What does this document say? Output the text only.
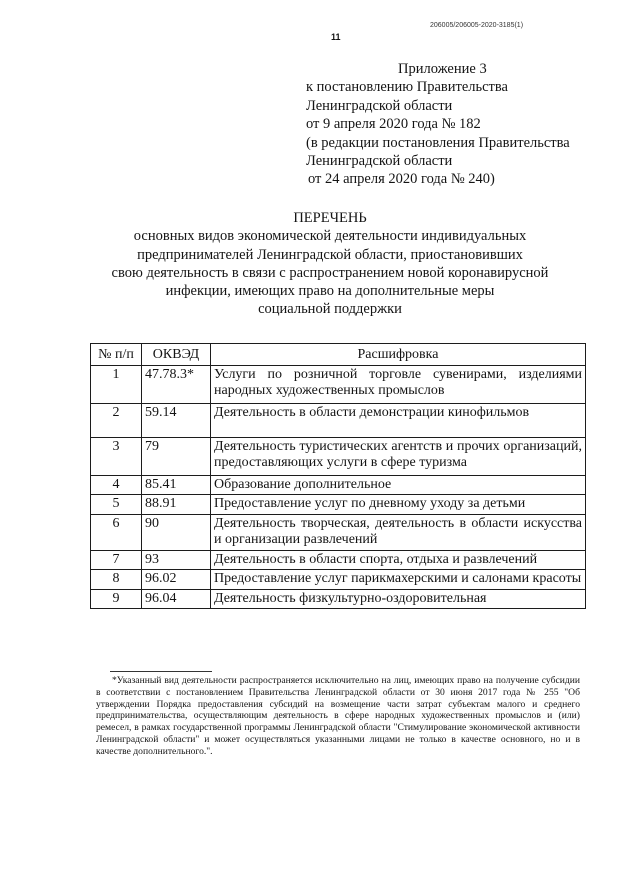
206005/206005-2020-3185(1)
11
Приложение 3
к постановлению Правительства
Ленинградской области
от 9 апреля 2020 года № 182
(в редакции постановления Правительства
Ленинградской области
от 24 апреля 2020 года № 240)
ПЕРЕЧЕНЬ
основных видов экономической деятельности индивидуальных
предпринимателей Ленинградской области, приостановивших
свою деятельность в связи с распространением новой коронавирусной
инфекции, имеющих право на дополнительные меры
социальной поддержки
№ п/п	ОКВЭД	Расшифровка
1	47.78.3*	Услуги по розничной торговле сувенирами, изделиями народных художественных промыслов
2	59.14	Деятельность в области демонстрации кинофильмов
3	79	Деятельность туристических агентств и прочих организаций, предоставляющих услуги в сфере туризма
4	85.41	Образование дополнительное
5	88.91	Предоставление услуг по дневному уходу за детьми
6	90	Деятельность творческая, деятельность в области искусства и организации развлечений
7	93	Деятельность в области спорта, отдыха и развлечений
8	96.02	Предоставление услуг парикмахерскими и салонами красоты
9	96.04	Деятельность физкультурно-оздоровительная
*Указанный вид деятельности распространяется исключительно на лиц, имеющих право на получение субсидии в соответствии с постановлением Правительства Ленинградской области от 30 июня 2017 года № 255 "Об утверждении Порядка предоставления субсидий на возмещение части затрат субъектам малого и среднего предпринимательства, осуществляющим деятельность в сфере народных художественных промыслов и (или) ремесел, в рамках государственной программы Ленинградской области "Стимулирование экономической активности Ленинградской области" и может осуществляться указанными лицами не только в качестве основного, но и в качестве дополнительного.".
